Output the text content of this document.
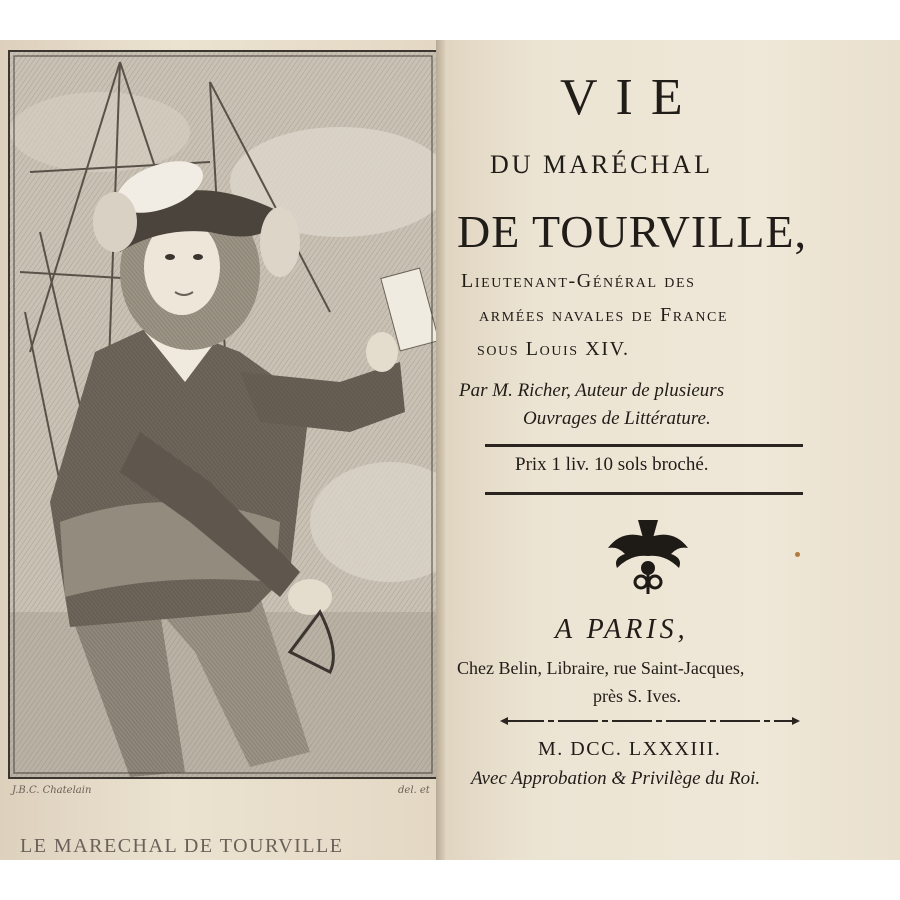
J.B.C. Chatelain	del. et
LE MARECHAL DE TOURVILLE
VIE
DU MARÉCHAL
DE TOURVILLE,
Lieutenant-Général des
armées navales de France
sous Louis XIV.
Par M. Richer, Auteur de plusieurs
Ouvrages de Littérature.
Prix 1 liv. 10 sols broché.
A PARIS,
Chez Belin, Libraire, rue Saint-Jacques,
près S. Ives.
M. DCC. LXXXIII.
Avec Approbation & Privilège du Roi.
